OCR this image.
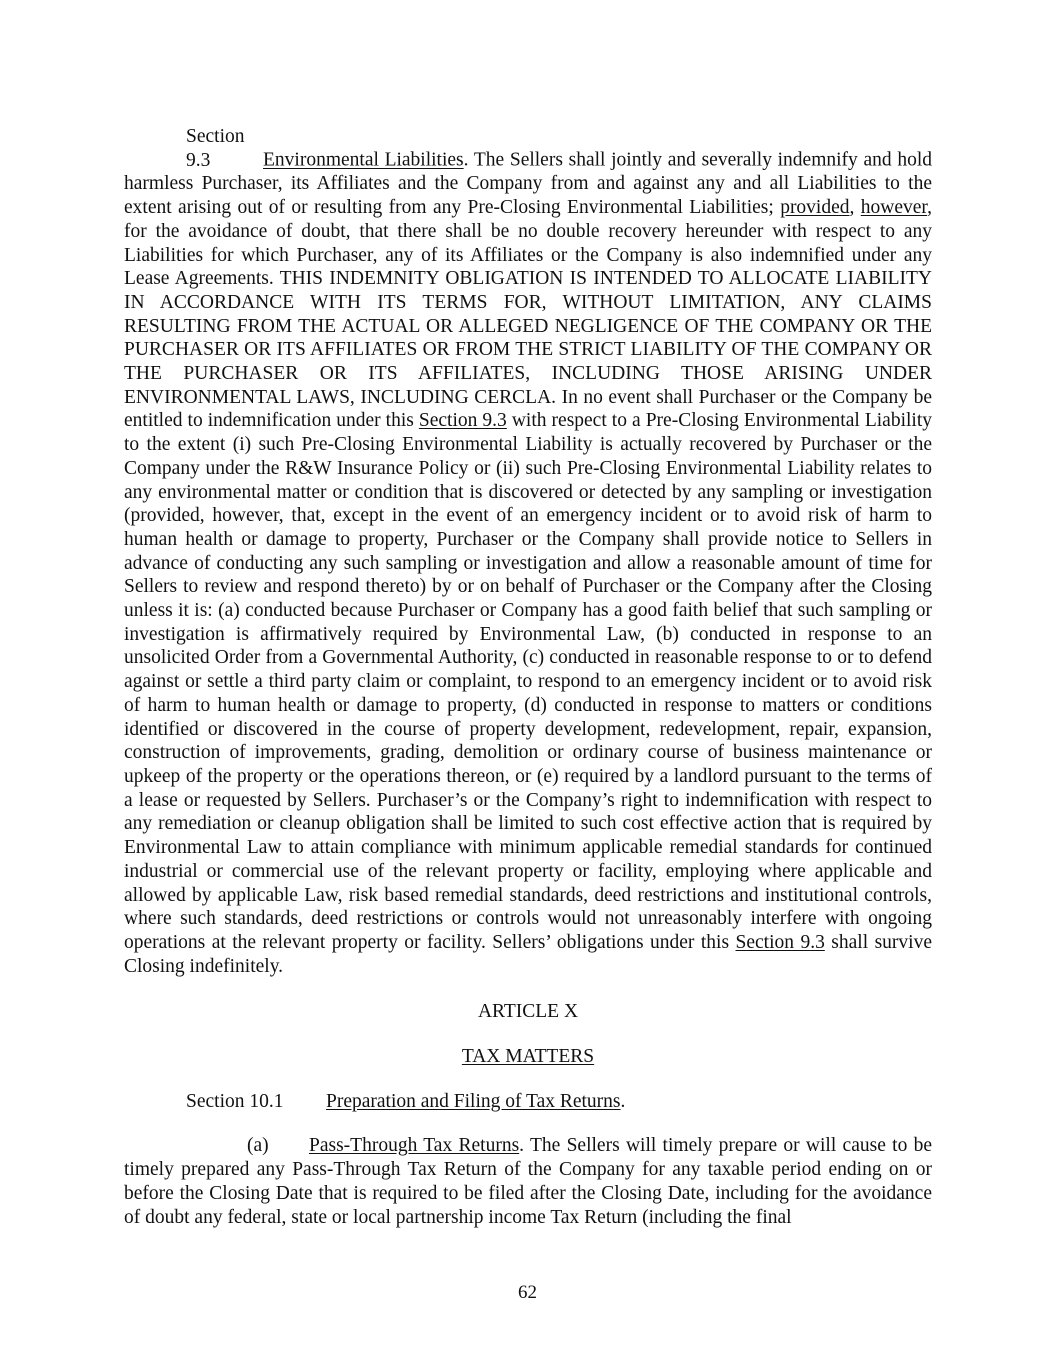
Section 9.3	Environmental Liabilities. The Sellers shall jointly and severally indemnify and hold harmless Purchaser, its Affiliates and the Company from and against any and all Liabilities to the extent arising out of or resulting from any Pre-Closing Environmental Liabilities; provided, however, for the avoidance of doubt, that there shall be no double recovery hereunder with respect to any Liabilities for which Purchaser, any of its Affiliates or the Company is also indemnified under any Lease Agreements. THIS INDEMNITY OBLIGATION IS INTENDED TO ALLOCATE LIABILITY IN ACCORDANCE WITH ITS TERMS FOR, WITHOUT LIMITATION, ANY CLAIMS RESULTING FROM THE ACTUAL OR ALLEGED NEGLIGENCE OF THE COMPANY OR THE PURCHASER OR ITS AFFILIATES OR FROM THE STRICT LIABILITY OF THE COMPANY OR THE PURCHASER OR ITS AFFILIATES, INCLUDING THOSE ARISING UNDER ENVIRONMENTAL LAWS, INCLUDING CERCLA. In no event shall Purchaser or the Company be entitled to indemnification under this Section 9.3 with respect to a Pre-Closing Environmental Liability to the extent (i) such Pre-Closing Environmental Liability is actually recovered by Purchaser or the Company under the R&W Insurance Policy or (ii) such Pre-Closing Environmental Liability relates to any environmental matter or condition that is discovered or detected by any sampling or investigation (provided, however, that, except in the event of an emergency incident or to avoid risk of harm to human health or damage to property, Purchaser or the Company shall provide notice to Sellers in advance of conducting any such sampling or investigation and allow a reasonable amount of time for Sellers to review and respond thereto) by or on behalf of Purchaser or the Company after the Closing unless it is: (a) conducted because Purchaser or Company has a good faith belief that such sampling or investigation is affirmatively required by Environmental Law, (b) conducted in response to an unsolicited Order from a Governmental Authority, (c) conducted in reasonable response to or to defend against or settle a third party claim or complaint, to respond to an emergency incident or to avoid risk of harm to human health or damage to property, (d) conducted in response to matters or conditions identified or discovered in the course of property development, redevelopment, repair, expansion, construction of improvements, grading, demolition or ordinary course of business maintenance or upkeep of the property or the operations thereon, or (e) required by a landlord pursuant to the terms of a lease or requested by Sellers. Purchaser’s or the Company’s right to indemnification with respect to any remediation or cleanup obligation shall be limited to such cost effective action that is required by Environmental Law to attain compliance with minimum applicable remedial standards for continued industrial or commercial use of the relevant property or facility, employing where applicable and allowed by applicable Law, risk based remedial standards, deed restrictions and institutional controls, where such standards, deed restrictions or controls would not unreasonably interfere with ongoing operations at the relevant property or facility. Sellers’ obligations under this Section 9.3 shall survive Closing indefinitely.

ARTICLE X

TAX MATTERS

Section 10.1 Preparation and Filing of Tax Returns.

(a) Pass-Through Tax Returns. The Sellers will timely prepare or will cause to be timely prepared any Pass-Through Tax Return of the Company for any taxable period ending on or before the Closing Date that is required to be filed after the Closing Date, including for the avoidance of doubt any federal, state or local partnership income Tax Return (including the final

62
